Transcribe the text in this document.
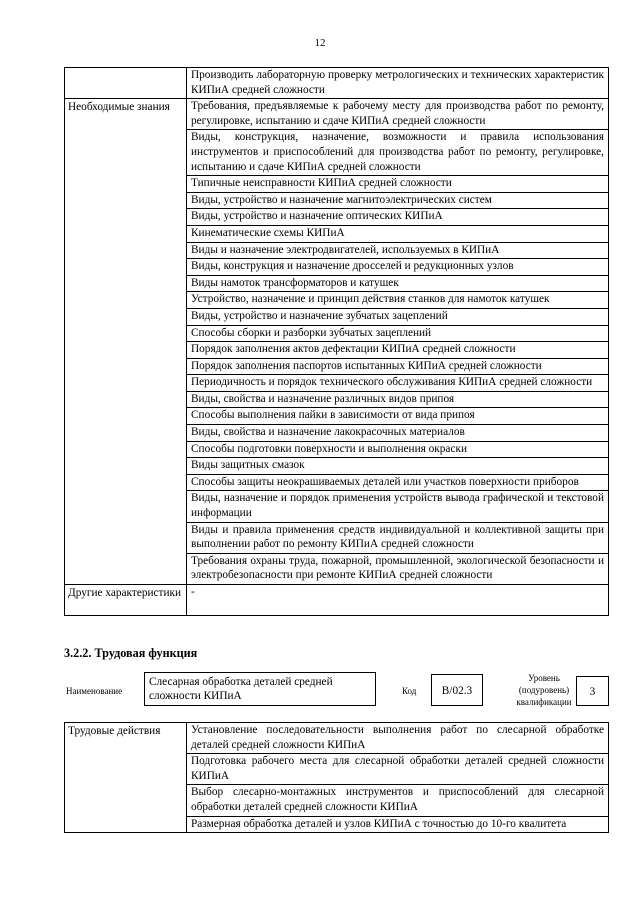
12
	Производить лабораторную проверку метрологических и технических характеристик КИПиА средней сложности
Необходимые знания	Требования, предъявляемые к рабочему месту для производства работ по ремонту, регулировке, испытанию и сдаче КИПиА средней сложности
	Виды, конструкция, назначение, возможности и правила использования инструментов и приспособлений для производства работ по ремонту, регулировке, испытанию и сдаче КИПиА средней сложности
	Типичные неисправности КИПиА средней сложности
	Виды, устройство и назначение магнитоэлектрических систем
	Виды, устройство и назначение оптических КИПиА
	Кинематические схемы КИПиА
	Виды и назначение электродвигателей, используемых в КИПиА
	Виды, конструкция и назначение дросселей и редукционных узлов
	Виды намоток трансформаторов и катушек
	Устройство, назначение и принцип действия станков для намоток катушек
	Виды, устройство и назначение зубчатых зацеплений
	Способы сборки и разборки зубчатых зацеплений
	Порядок заполнения актов дефектации КИПиА средней сложности
	Порядок заполнения паспортов испытанных КИПиА средней сложности
	Периодичность и порядок технического обслуживания КИПиА средней сложности
	Виды, свойства и назначение различных видов припоя
	Способы выполнения пайки в зависимости от вида припоя
	Виды, свойства и назначение лакокрасочных материалов
	Способы подготовки поверхности и выполнения окраски
	Виды защитных смазок
	Способы защиты неокрашиваемых деталей или участков поверхности приборов
	Виды, назначение и порядок применения устройств вывода графической и текстовой информации
	Виды и правила применения средств индивидуальной и коллективной защиты при выполнении работ по ремонту КИПиА средней сложности
	Требования охраны труда, пожарной, промышленной, экологической безопасности и электробезопасности при ремонте КИПиА средней сложности
Другие характеристики	-
3.2.2. Трудовая функция
Наименование
Слесарная обработка деталей средней сложности КИПиА	Код	В/02.3
Уровень
(подуровень)
квалификации
3
Трудовые действия	Установление последовательности выполнения работ по слесарной обработке деталей средней сложности КИПиА
Подготовка рабочего места для слесарной обработки деталей средней сложности КИПиА
Выбор слесарно-монтажных инструментов и приспособлений для слесарной обработки деталей средней сложности КИПиА
Размерная обработка деталей и узлов КИПиА с точностью до 10-го квалитета
